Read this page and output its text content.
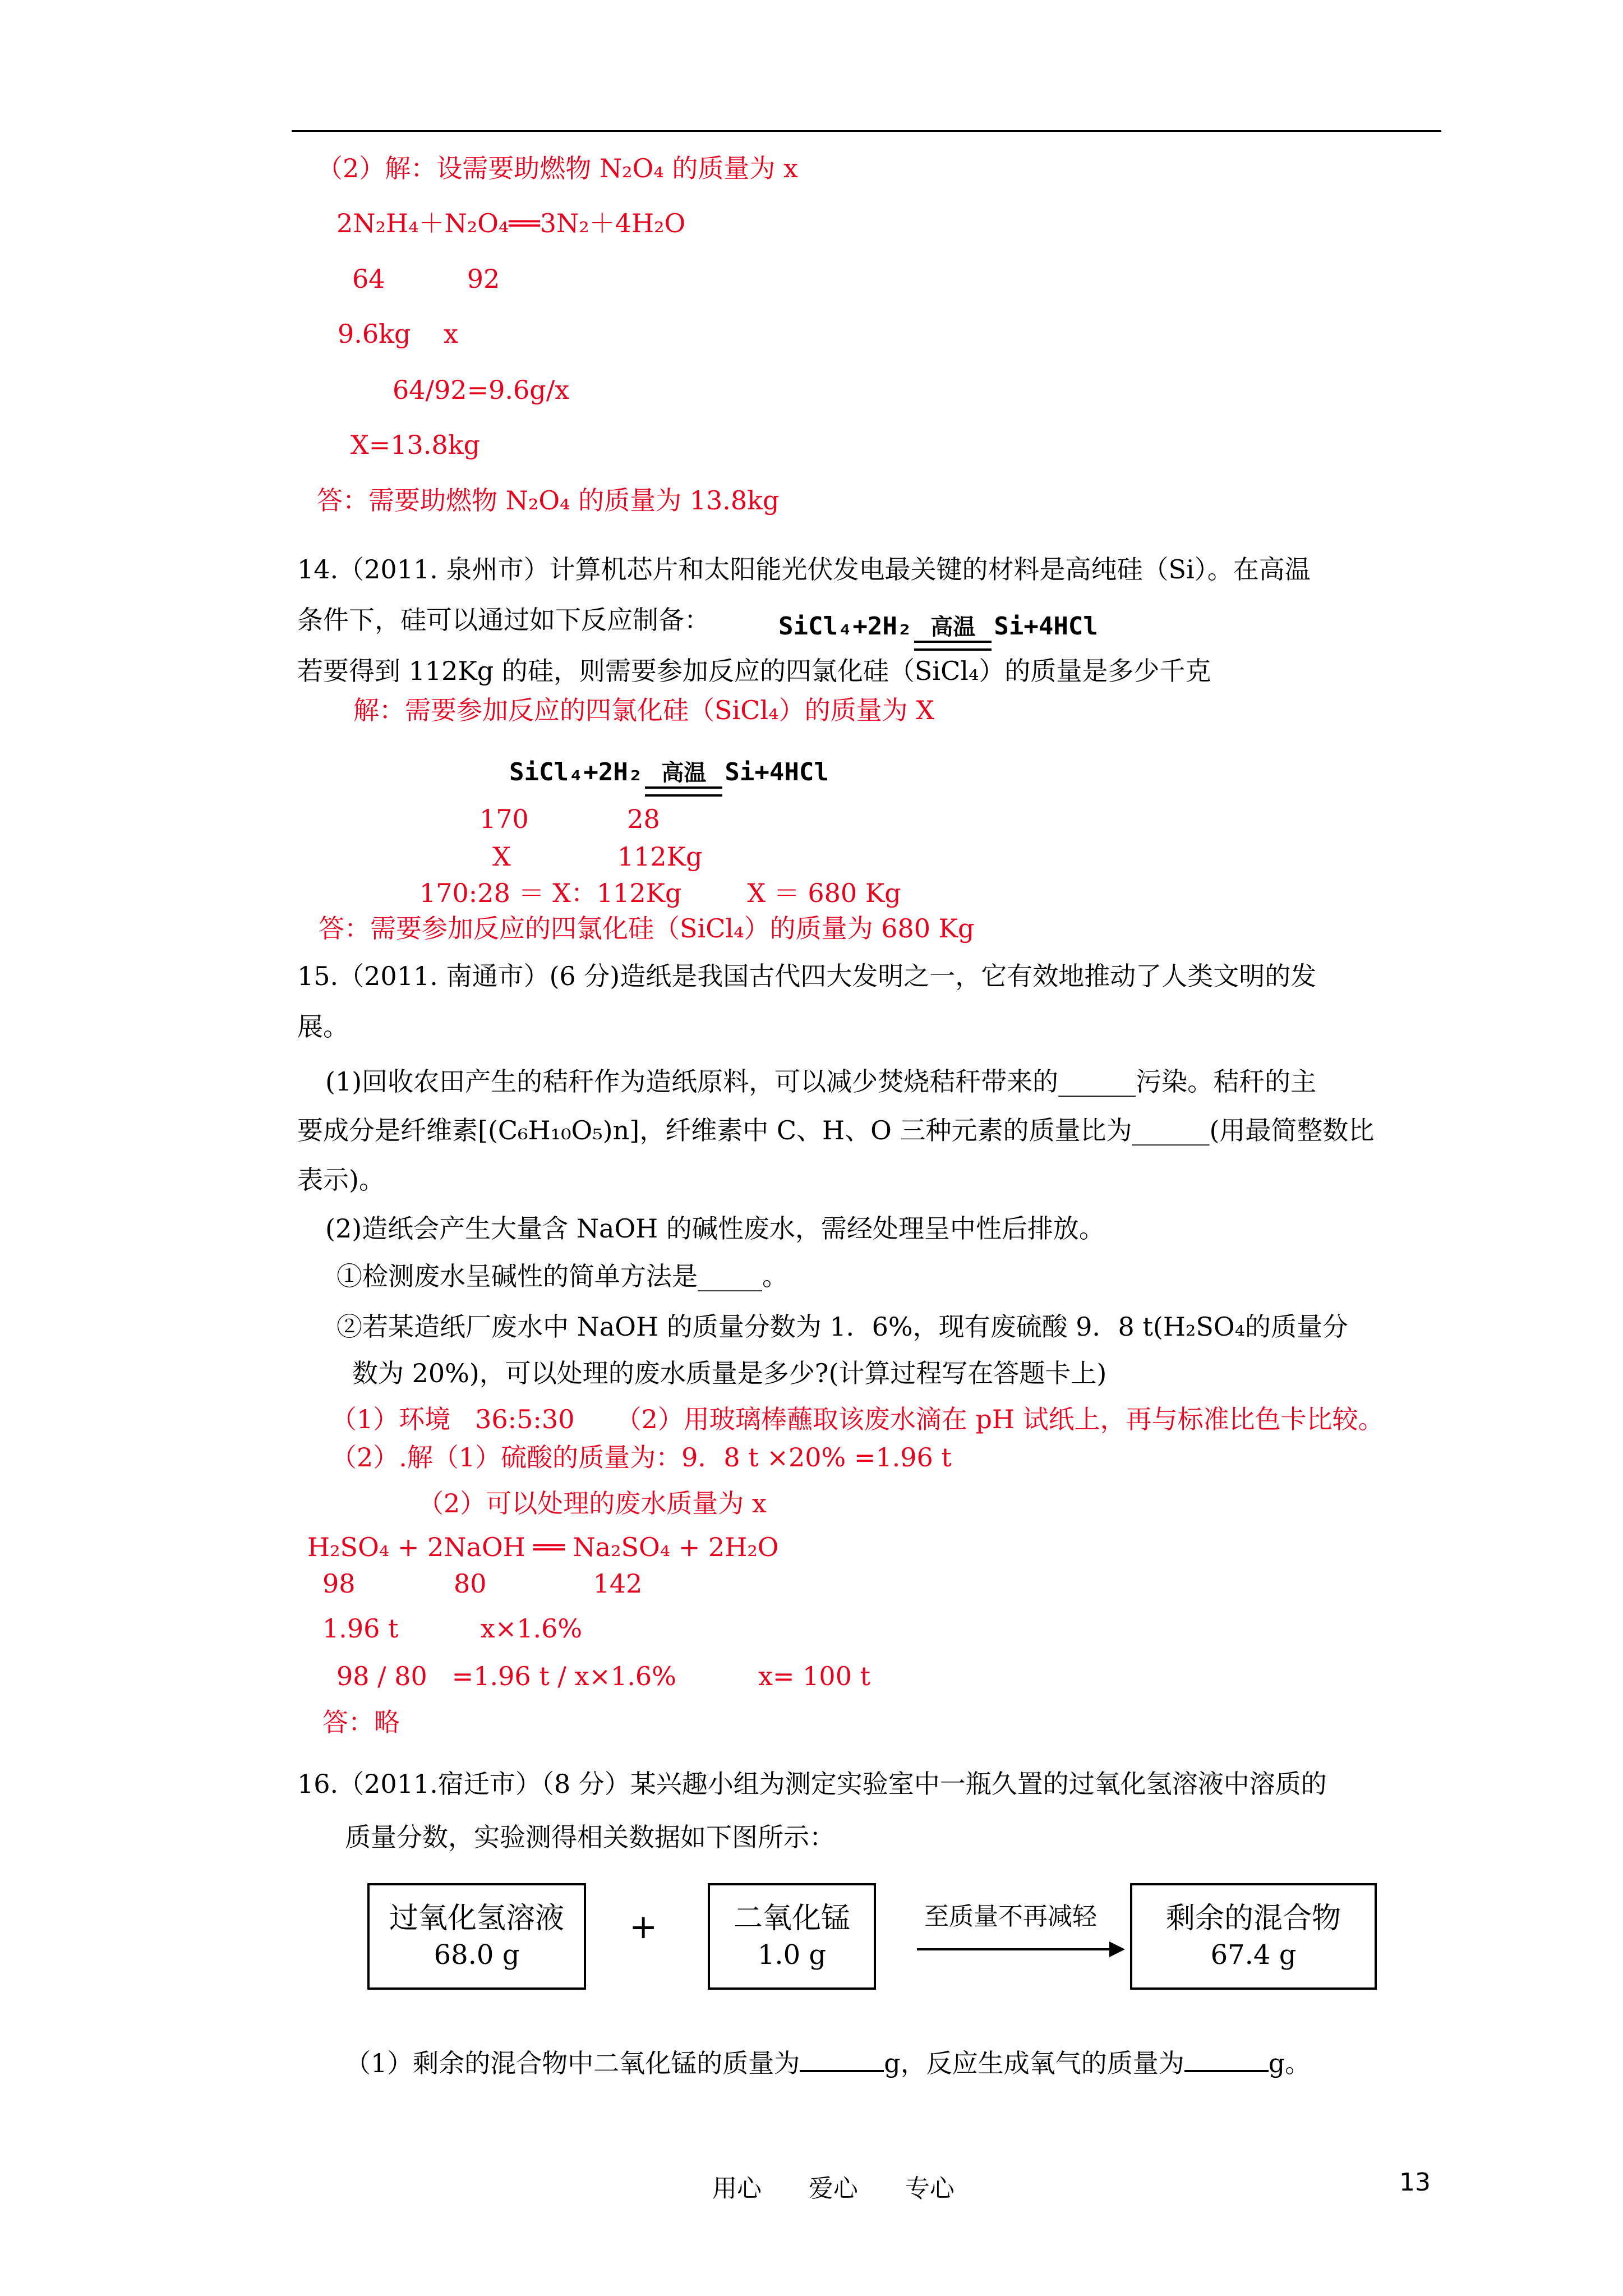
（2）解：设需要助燃物 N₂O₄ 的质量为 x
2N₂H₄＋N₂O₄══3N₂＋4H₂O
64          92
9.6kg    x
64/92=9.6g/x
X=13.8kg
答：需要助燃物 N₂O₄ 的质量为 13.8kg
14.（2011. 泉州市）计算机芯片和太阳能光伏发电最关键的材料是高纯硅（Si）。在高温
条件下，硅可以通过如下反应制备：	SiCl₄+2H₂ 高温 Si+4HCl

若要得到 112Kg 的硅，则需要参加反应的四氯化硅（SiCl₄）的质量是多少千克
解：需要参加反应的四氯化硅（SiCl₄）的质量为 X

SiCl₄+2H₂ 高温 Si+4HCl

170            28
X             112Kg
170:28 ＝ X：112Kg        X ＝ 680 Kg
答：需要参加反应的四氯化硅（SiCl₄）的质量为 680 Kg
15.（2011. 南通市）(6 分)造纸是我国古代四大发明之一，它有效地推动了人类文明的发
展。
(1)回收农田产生的秸秆作为造纸原料，可以减少焚烧秸秆带来的______污染。秸秆的主
要成分是纤维素[(C₆H₁₀O₅)n]，纤维素中 C、H、O 三种元素的质量比为______(用最简整数比
表示)。
(2)造纸会产生大量含 NaOH 的碱性废水，需经处理呈中性后排放。
①检测废水呈碱性的简单方法是_____。
②若某造纸厂废水中 NaOH 的质量分数为 1．6%，现有废硫酸 9．8 t(H₂SO₄的质量分
数为 20%)，可以处理的废水质量是多少?(计算过程写在答题卡上)
（1）环境   36:5:30     （2）用玻璃棒蘸取该废水滴在 pH 试纸上，再与标准比色卡比较。
（2）.解（1）硫酸的质量为：9．8 t ×20% =1.96 t
（2）可以处理的废水质量为 x
H₂SO₄ + 2NaOH ══ Na₂SO₄ + 2H₂O
98            80             142
1.96 t          x×1.6%
98 / 80   =1.96 t / x×1.6%          x= 100 t
答：略
16.（2011.宿迁市）（8 分）某兴趣小组为测定实验室中一瓶久置的过氧化氢溶液中溶质的
质量分数，实验测得相关数据如下图所示：
过氧化氢溶液
68.0 g
+	二氧化锰
1.0 g
至质量不再减轻	剩余的混合物
67.4 g
（1）剩余的混合物中二氧化锰的质量为	g，反应生成氧气的质量为	g。
用心      爱心      专心	13
